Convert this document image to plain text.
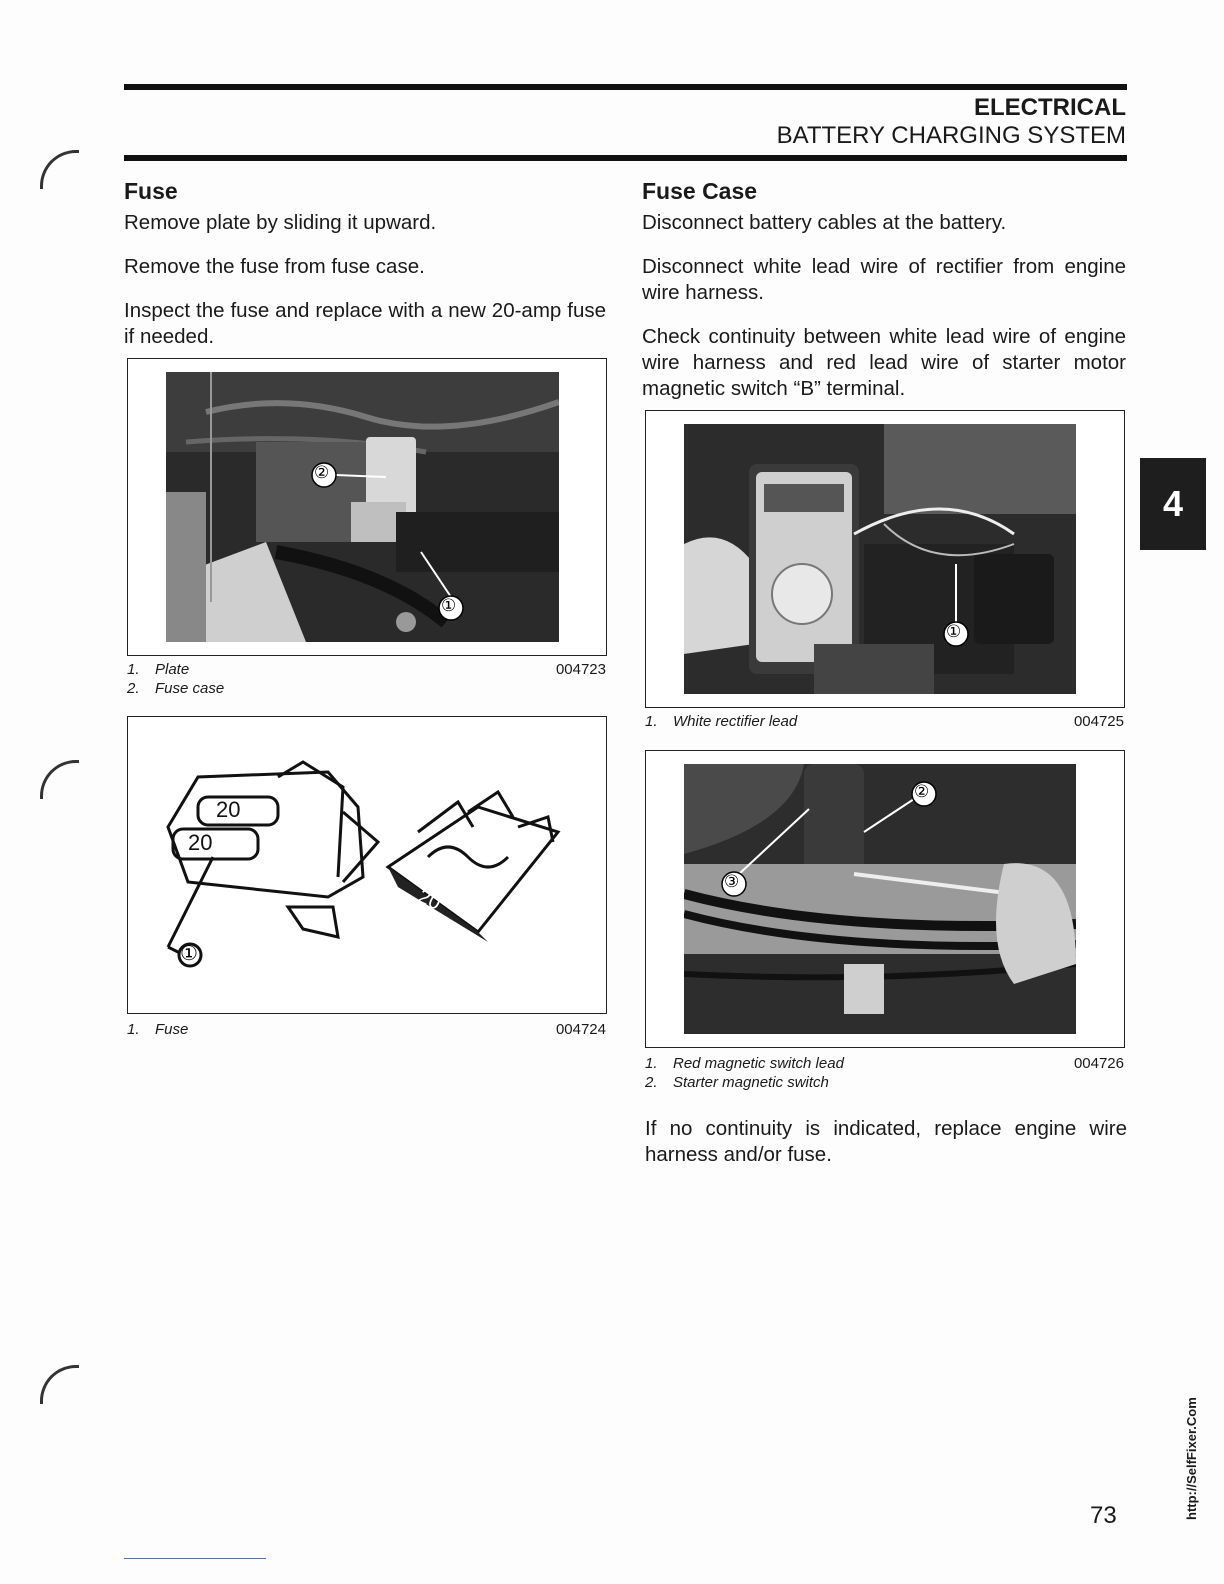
ELECTRICAL
BATTERY CHARGING SYSTEM
4
Fuse

Remove plate by sliding it upward.

Remove the fuse from fuse case.

Inspect the fuse and replace with a new 20-amp fuse if needed.

②
①
1. Plate
2. Fuse case
004723
20
20
20
①
1. Fuse	004724
Fuse Case

Disconnect battery cables at the battery.

Disconnect white lead wire of rectifier from engine wire harness.

Check continuity between white lead wire of engine wire harness and red lead wire of starter motor magnetic switch “B” terminal.

①
1. White rectifier lead	004725
②
③
1. Red magnetic switch lead
2. Starter magnetic switch
004726

If no continuity is indicated, replace engine wire harness and/or fuse.

73	http://SelfFixer.Com
